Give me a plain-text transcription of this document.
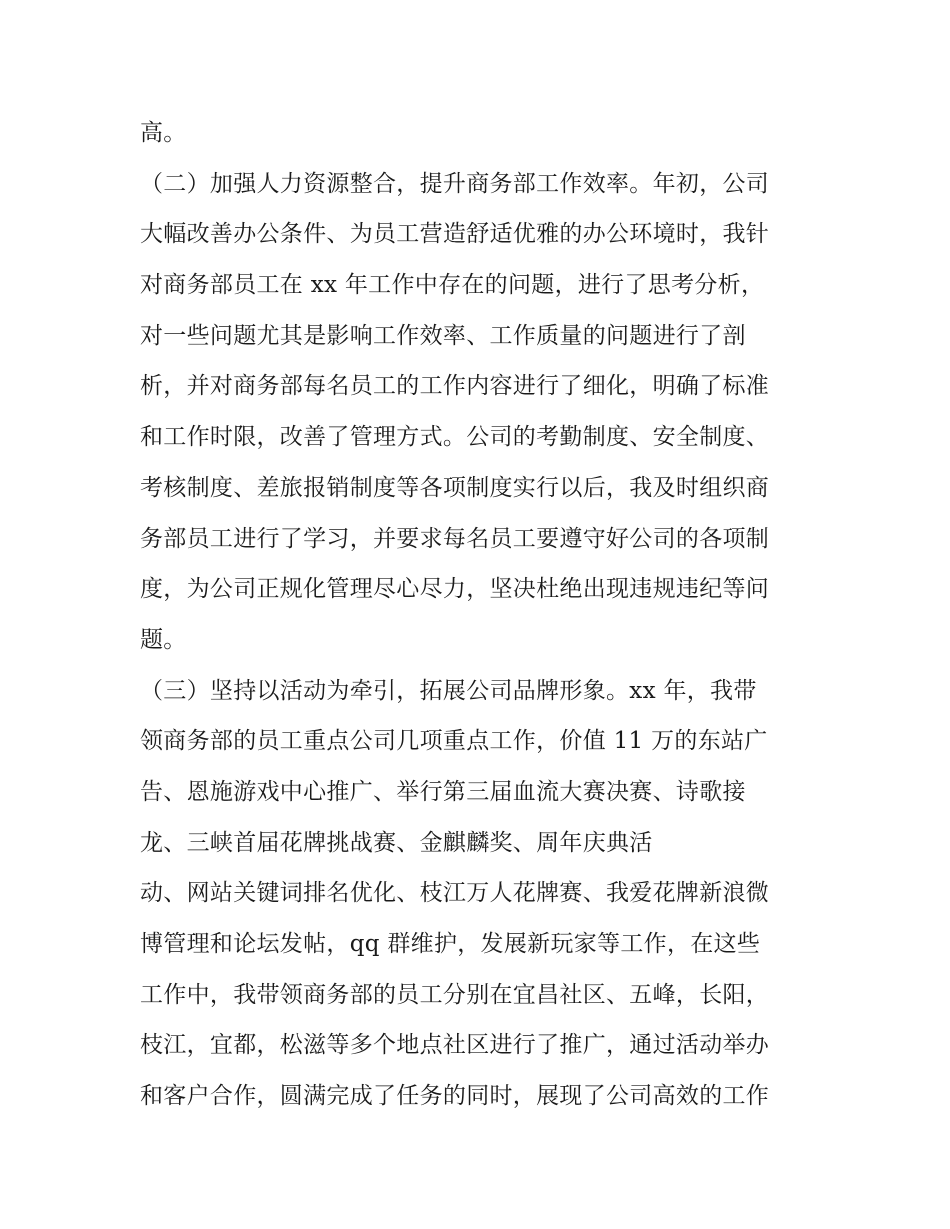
高。
（二）加强人力资源整合，提升商务部工作效率。年初，公司
大幅改善办公条件、为员工营造舒适优雅的办公环境时，我针
对商务部员工在 xx 年工作中存在的问题，进行了思考分析，
对一些问题尤其是影响工作效率、工作质量的问题进行了剖
析，并对商务部每名员工的工作内容进行了细化，明确了标准
和工作时限，改善了管理方式。公司的考勤制度、安全制度、
考核制度、差旅报销制度等各项制度实行以后，我及时组织商
务部员工进行了学习，并要求每名员工要遵守好公司的各项制
度，为公司正规化管理尽心尽力，坚决杜绝出现违规违纪等问
题。
（三）坚持以活动为牵引，拓展公司品牌形象。xx 年，我带
领商务部的员工重点公司几项重点工作，价值 11 万的东站广
告、恩施游戏中心推广、举行第三届血流大赛决赛、诗歌接
龙、三峡首届花牌挑战赛、金麒麟奖、周年庆典活
动、网站关键词排名优化、枝江万人花牌赛、我爱花牌新浪微
博管理和论坛发帖，qq 群维护，发展新玩家等工作，在这些
工作中，我带领商务部的员工分别在宜昌社区、五峰，长阳，
枝江，宜都，松滋等多个地点社区进行了推广，通过活动举办
和客户合作，圆满完成了任务的同时，展现了公司高效的工作
